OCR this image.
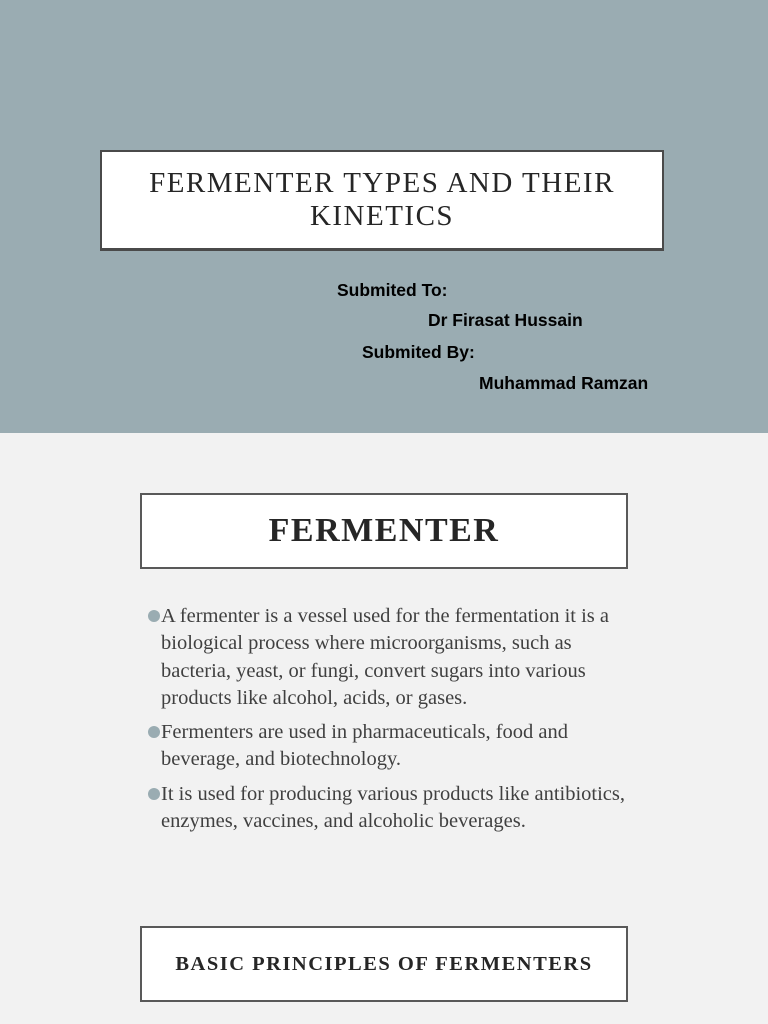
FERMENTER TYPES AND THEIR KINETICS
Submited To:
Dr Firasat Hussain
Submited By:
Muhammad Ramzan
FERMENTER
A fermenter is a vessel used for the fermentation it is a biological process where microorganisms, such as bacteria, yeast, or fungi, convert sugars into various products like alcohol, acids, or gases.
Fermenters are used in pharmaceuticals, food and beverage, and biotechnology.
It is used for producing various products like antibiotics, enzymes, vaccines, and alcoholic beverages.
BASIC PRINCIPLES OF FERMENTERS
